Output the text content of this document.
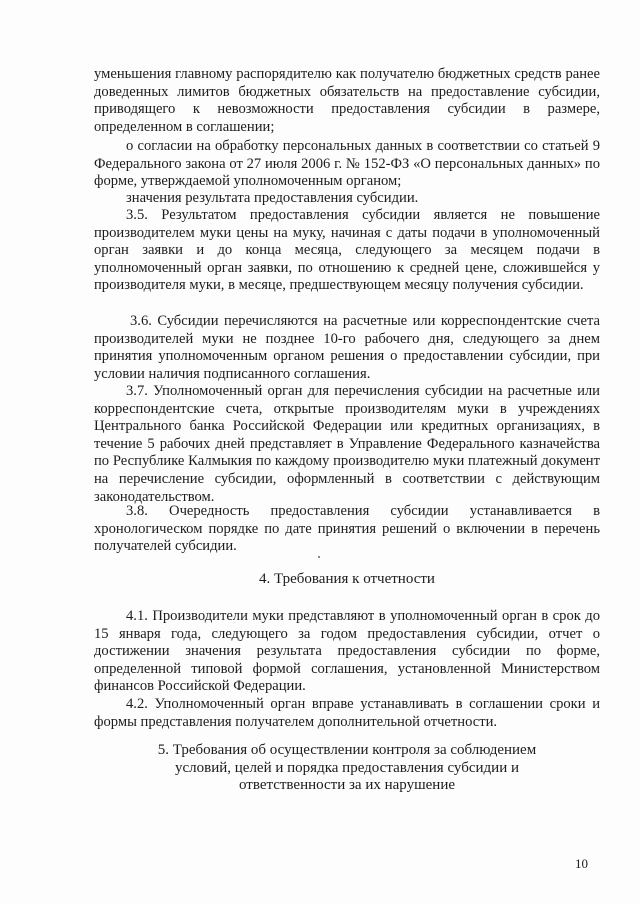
уменьшения главному распорядителю как получателю бюджетных средств ранее доведенных лимитов бюджетных обязательств на предоставление субсидии, приводящего к невозможности предоставления субсидии в размере, определенном в соглашении;

о согласии на обработку персональных данных в соответствии со статьей 9 Федерального закона от 27 июля 2006 г. № 152-ФЗ «О персональных данных» по форме, утверждаемой уполномоченным органом;

значения результата предоставления субсидии.

3.5. Результатом предоставления субсидии является не повышение производителем муки цены на муку, начиная с даты подачи в уполномоченный орган заявки и до конца месяца, следующего за месяцем подачи в уполномоченный орган заявки, по отношению к средней цене, сложившейся у производителя муки, в месяце, предшествующем месяцу получения субсидии.

3.6. Субсидии перечисляются на расчетные или корреспондентские счета производителей муки не позднее 10-го рабочего дня, следующего за днем принятия уполномоченным органом решения о предоставлении субсидии, при условии наличия подписанного соглашения.

3.7. Уполномоченный орган для перечисления субсидии на расчетные или корреспондентские счета, открытые производителям муки в учреждениях Центрального банка Российской Федерации или кредитных организациях, в течение 5 рабочих дней представляет в Управление Федерального казначейства по Республике Калмыкия по каждому производителю муки платежный документ на перечисление субсидии, оформленный в соответствии с действующим законодательством.

3.8. Очередность предоставления субсидии устанавливается в хронологическом порядке по дате принятия решений о включении в перечень получателей субсидии.

4. Требования к отчетности

4.1. Производители муки представляют в уполномоченный орган в срок до 15 января года, следующего за годом предоставления субсидии, отчет о достижении значения результата предоставления субсидии по форме, определенной типовой формой соглашения, установленной Министерством финансов Российской Федерации.

4.2. Уполномоченный орган вправе устанавливать в соглашении сроки и формы представления получателем дополнительной отчетности.

5. Требования об осуществлении контроля за соблюдением
условий, целей и порядка предоставления субсидии и
ответственности за их нарушение
10
